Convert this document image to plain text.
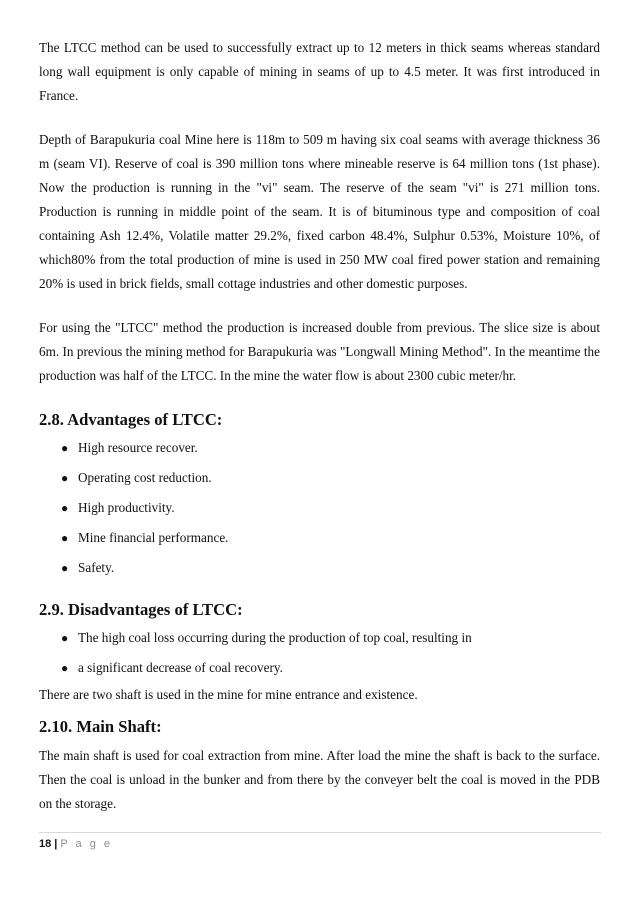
The LTCC method can be used to successfully extract up to 12 meters in thick seams whereas standard long wall equipment is only capable of mining in seams of up to 4.5 meter. It was first introduced in France.

Depth of Barapukuria coal Mine here is 118m to 509 m having six coal seams with average thickness 36 m (seam VI). Reserve of coal is 390 million tons where mineable reserve is 64 million tons (1st phase). Now the production is running in the "vi" seam. The reserve of the seam "vi" is 271 million tons. Production is running in middle point of the seam. It is of bituminous type and composition of coal containing Ash 12.4%, Volatile matter 29.2%, fixed carbon 48.4%, Sulphur 0.53%, Moisture 10%, of which80% from the total production of mine is used in 250 MW coal fired power station and remaining 20% is used in brick fields, small cottage industries and other domestic purposes.

For using the "LTCC" method the production is increased double from previous. The slice size is about 6m. In previous the mining method for Barapukuria was "Longwall Mining Method". In the meantime the production was half of the LTCC. In the mine the water flow is about 2300 cubic meter/hr.

2.8. Advantages of LTCC:
● High resource recover.
● Operating cost reduction.
● High productivity.
● Mine financial performance.
● Safety.
2.9. Disadvantages of LTCC:
● The high coal loss occurring during the production of top coal, resulting in
● a significant decrease of coal recovery.

There are two shaft is used in the mine for mine entrance and existence.

2.10. Main Shaft:

The main shaft is used for coal extraction from mine. After load the mine the shaft is back to the surface. Then the coal is unload in the bunker and from there by the conveyer belt the coal is moved in the PDB on the storage.

18 | P a g e
